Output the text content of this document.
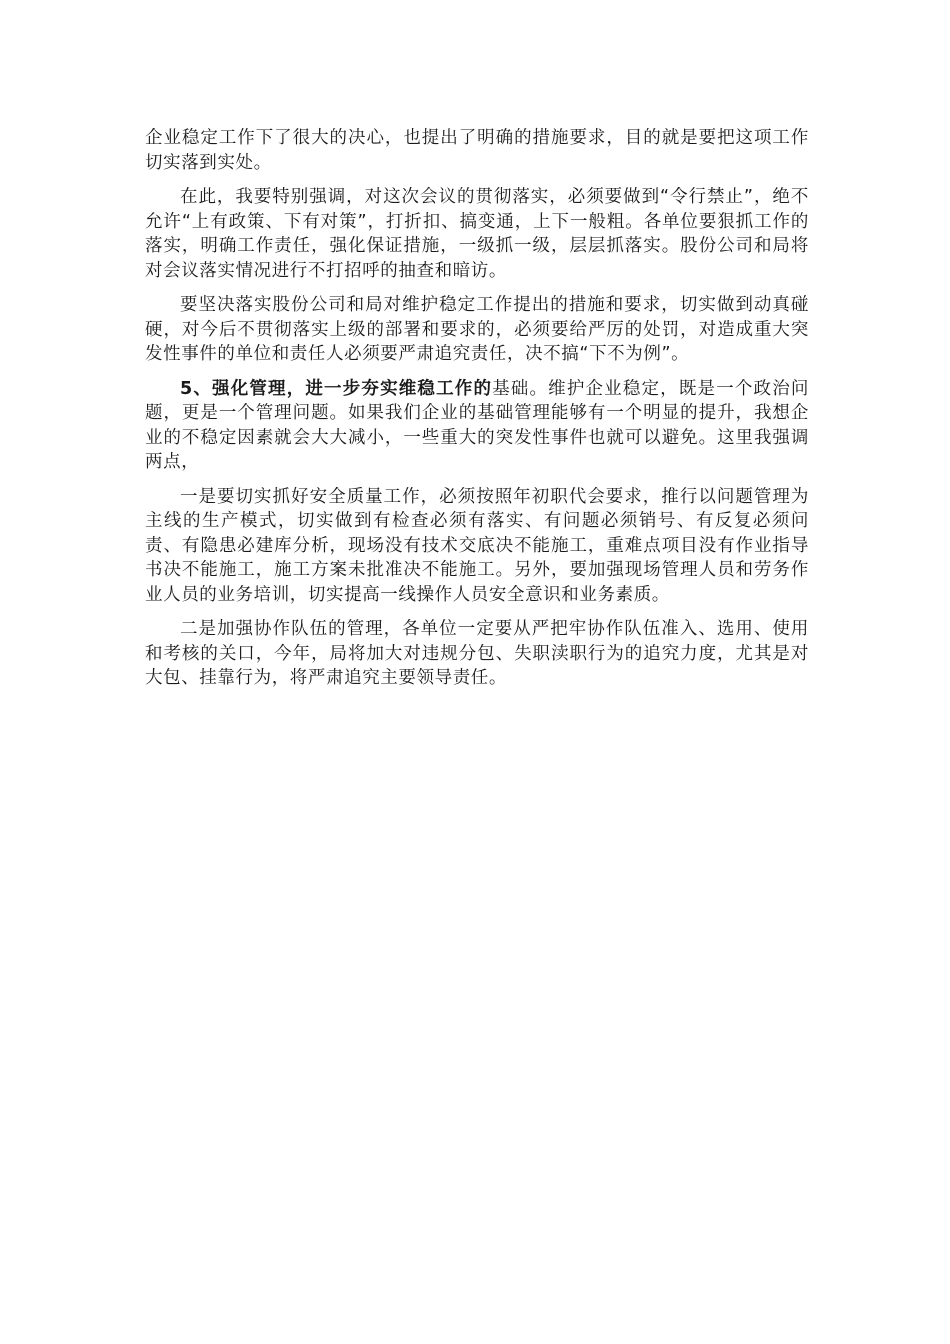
企业稳定工作下了很大的决心，也提出了明确的措施要求，目的就是要把这项工作切实落到实处。

在此，我要特别强调，对这次会议的贯彻落实，必须要做到“令行禁止”，绝不允许“上有政策、下有对策”，打折扣、搞变通，上下一般粗。各单位要狠抓工作的落实，明确工作责任，强化保证措施，一级抓一级，层层抓落实。股份公司和局将对会议落实情况进行不打招呼的抽查和暗访。

要坚决落实股份公司和局对维护稳定工作提出的措施和要求，切实做到动真碰硬，对今后不贯彻落实上级的部署和要求的，必须要给严厉的处罚，对造成重大突发性事件的单位和责任人必须要严肃追究责任，决不搞“下不为例”。

5、强化管理，进一步夯实维稳工作的基础。维护企业稳定，既是一个政治问题，更是一个管理问题。如果我们企业的基础管理能够有一个明显的提升，我想企业的不稳定因素就会大大减小，一些重大的突发性事件也就可以避免。这里我强调两点，

一是要切实抓好安全质量工作，必须按照年初职代会要求，推行以问题管理为主线的生产模式，切实做到有检查必须有落实、有问题必须销号、有反复必须问责、有隐患必建库分析，现场没有技术交底决不能施工，重难点项目没有作业指导书决不能施工，施工方案未批准决不能施工。另外，要加强现场管理人员和劳务作业人员的业务培训，切实提高一线操作人员安全意识和业务素质。

二是加强协作队伍的管理，各单位一定要从严把牢协作队伍准入、选用、使用和考核的关口，今年，局将加大对违规分包、失职渎职行为的追究力度，尤其是对大包、挂靠行为，将严肃追究主要领导责任。
